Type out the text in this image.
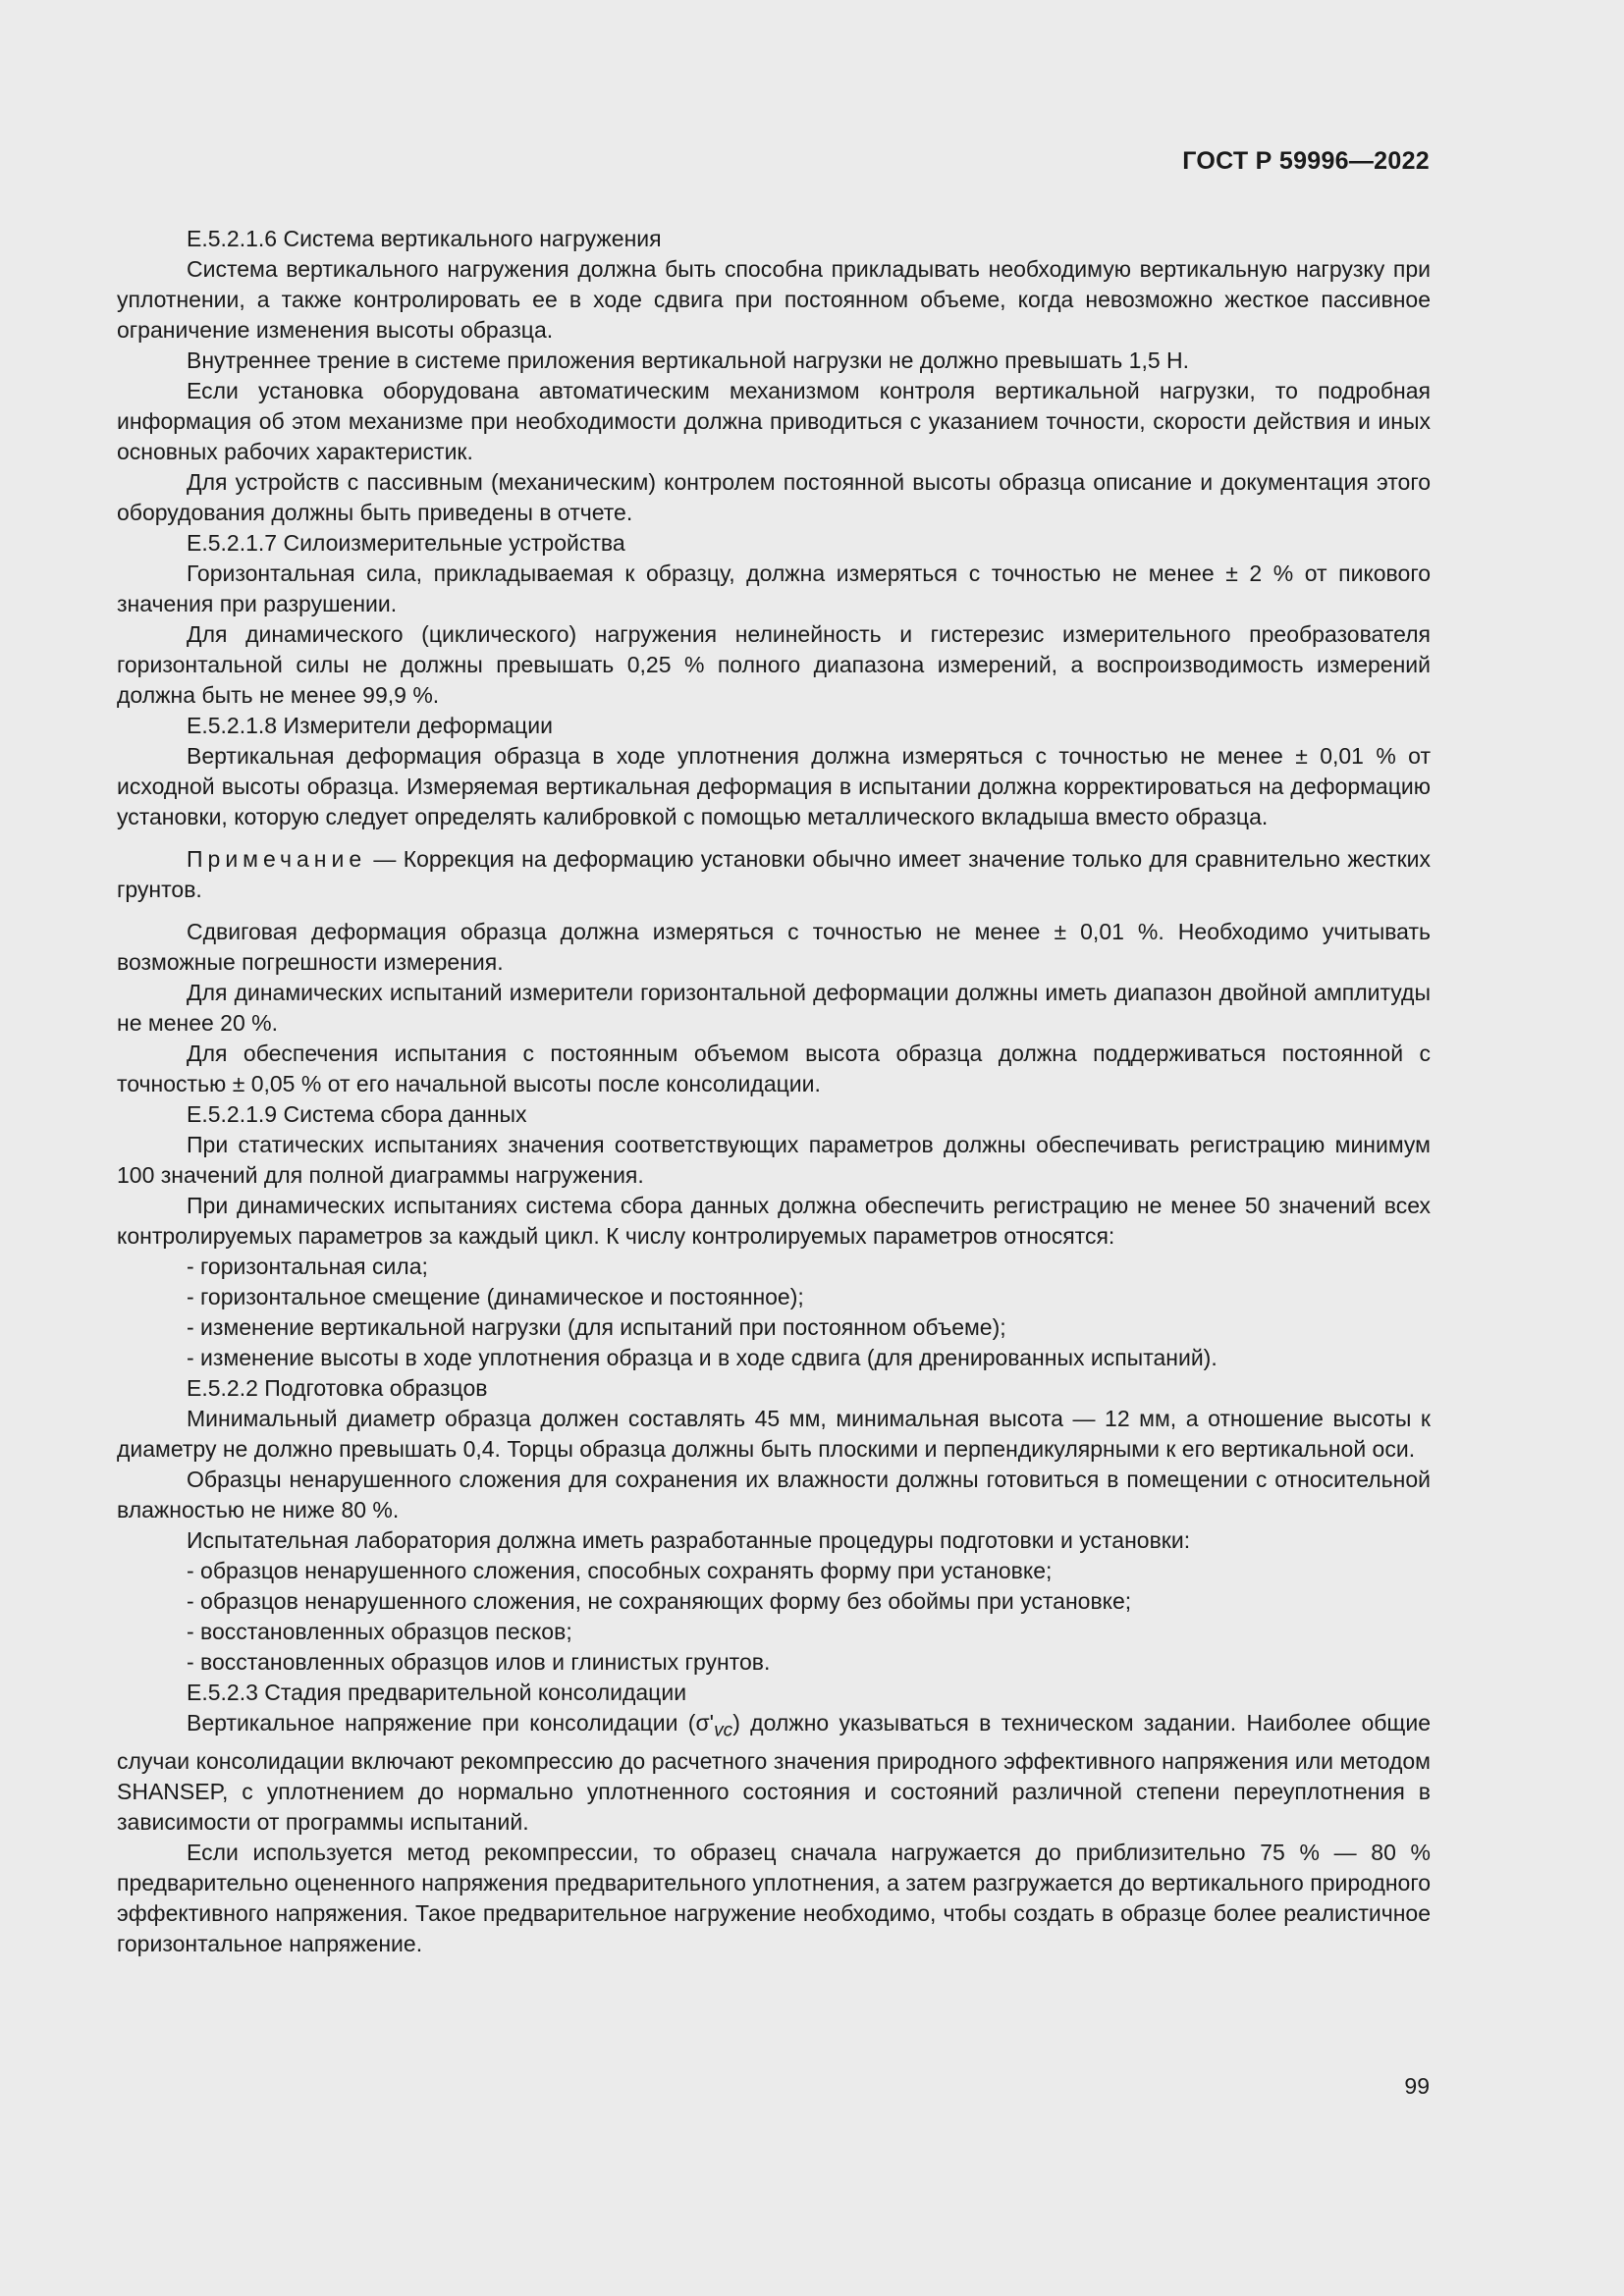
ГОСТ Р 59996—2022

Е.5.2.1.6 Система вертикального нагружения

Система вертикального нагружения должна быть способна прикладывать необходимую вертикальную нагрузку при уплотнении, а также контролировать ее в ходе сдвига при постоянном объеме, когда невозможно жесткое пассивное ограничение изменения высоты образца.

Внутреннее трение в системе приложения вертикальной нагрузки не должно превышать 1,5 Н.

Если установка оборудована автоматическим механизмом контроля вертикальной нагрузки, то подробная информация об этом механизме при необходимости должна приводиться с указанием точности, скорости действия и иных основных рабочих характеристик.

Для устройств с пассивным (механическим) контролем постоянной высоты образца описание и документация этого оборудования должны быть приведены в отчете.

Е.5.2.1.7 Силоизмерительные устройства

Горизонтальная сила, прикладываемая к образцу, должна измеряться с точностью не менее ± 2 % от пикового значения при разрушении.

Для динамического (циклического) нагружения нелинейность и гистерезис измерительного преобразователя горизонтальной силы не должны превышать 0,25 % полного диапазона измерений, а воспроизводимость измерений должна быть не менее 99,9 %.

Е.5.2.1.8 Измерители деформации

Вертикальная деформация образца в ходе уплотнения должна измеряться с точностью не менее ± 0,01 % от исходной высоты образца. Измеряемая вертикальная деформация в испытании должна корректироваться на деформацию установки, которую следует определять калибровкой с помощью металлического вкладыша вместо образца.

Примечание — Коррекция на деформацию установки обычно имеет значение только для сравнительно жестких грунтов.

Сдвиговая деформация образца должна измеряться с точностью не менее ± 0,01 %. Необходимо учитывать возможные погрешности измерения.

Для динамических испытаний измерители горизонтальной деформации должны иметь диапазон двойной амплитуды не менее 20 %.

Для обеспечения испытания с постоянным объемом высота образца должна поддерживаться постоянной с точностью ± 0,05 % от его начальной высоты после консолидации.

Е.5.2.1.9 Система сбора данных

При статических испытаниях значения соответствующих параметров должны обеспечивать регистрацию минимум 100 значений для полной диаграммы нагружения.

При динамических испытаниях система сбора данных должна обеспечить регистрацию не менее 50 значений всех контролируемых параметров за каждый цикл. К числу контролируемых параметров относятся:

- горизонтальная сила;

- горизонтальное смещение (динамическое и постоянное);

- изменение вертикальной нагрузки (для испытаний при постоянном объеме);

- изменение высоты в ходе уплотнения образца и в ходе сдвига (для дренированных испытаний).

Е.5.2.2 Подготовка образцов

Минимальный диаметр образца должен составлять 45 мм, минимальная высота — 12 мм, а отношение высоты к диаметру не должно превышать 0,4. Торцы образца должны быть плоскими и перпендикулярными к его вертикальной оси.

Образцы ненарушенного сложения для сохранения их влажности должны готовиться в помещении с относительной влажностью не ниже 80 %.

Испытательная лаборатория должна иметь разработанные процедуры подготовки и установки:

- образцов ненарушенного сложения, способных сохранять форму при установке;

- образцов ненарушенного сложения, не сохраняющих форму без обоймы при установке;

- восстановленных образцов песков;

- восстановленных образцов илов и глинистых грунтов.

Е.5.2.3 Стадия предварительной консолидации

Вертикальное напряжение при консолидации $(\sigma'_{vc})$ должно указываться в техническом задании. Наиболее общие случаи консолидации включают рекомпрессию до расчетного значения природного эффективного напряжения или методом SHANSEP, с уплотнением до нормально уплотненного состояния и состояний различной степени переуплотнения в зависимости от программы испытаний.

Если используется метод рекомпрессии, то образец сначала нагружается до приблизительно 75 % — 80 % предварительно оцененного напряжения предварительного уплотнения, а затем разгружается до вертикального природного эффективного напряжения. Такое предварительное нагружение необходимо, чтобы создать в образце более реалистичное горизонтальное напряжение.

99
